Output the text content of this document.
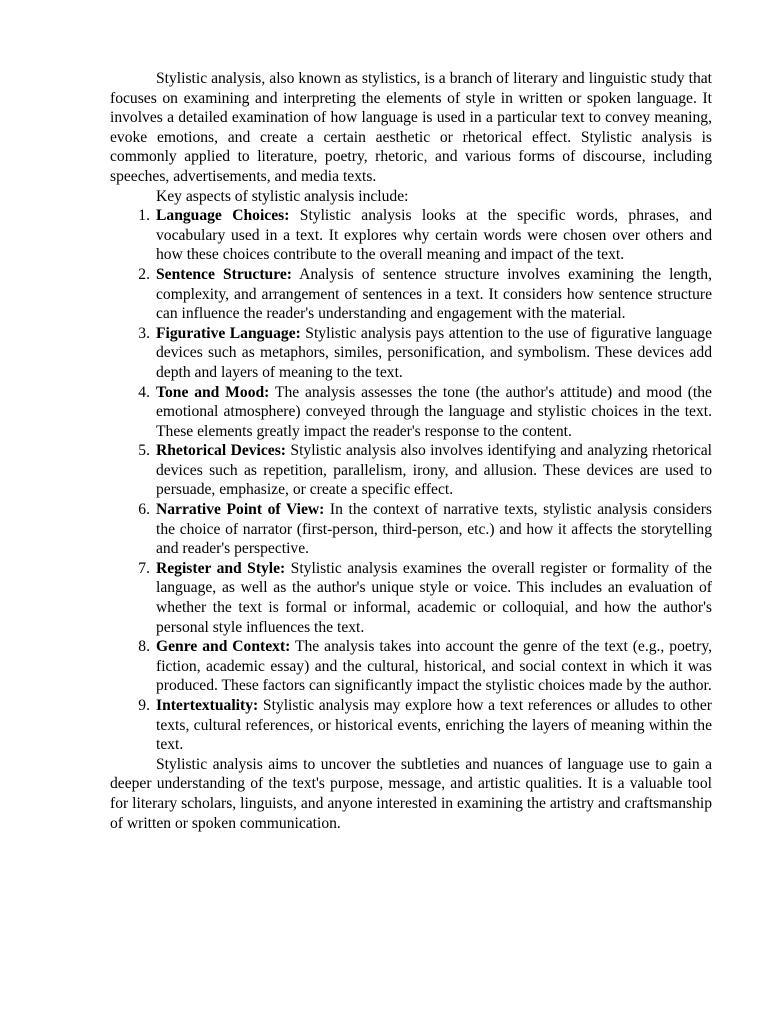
Stylistic analysis, also known as stylistics, is a branch of literary and linguistic study that focuses on examining and interpreting the elements of style in written or spoken language. It involves a detailed examination of how language is used in a particular text to convey meaning, evoke emotions, and create a certain aesthetic or rhetorical effect. Stylistic analysis is commonly applied to literature, poetry, rhetoric, and various forms of discourse, including speeches, advertisements, and media texts.

Key aspects of stylistic analysis include:

1. Language Choices: Stylistic analysis looks at the specific words, phrases, and vocabulary used in a text. It explores why certain words were chosen over others and how these choices contribute to the overall meaning and impact of the text.
2. Sentence Structure: Analysis of sentence structure involves examining the length, complexity, and arrangement of sentences in a text. It considers how sentence structure can influence the reader's understanding and engagement with the material.
3. Figurative Language: Stylistic analysis pays attention to the use of figurative language devices such as metaphors, similes, personification, and symbolism. These devices add depth and layers of meaning to the text.
4. Tone and Mood: The analysis assesses the tone (the author's attitude) and mood (the emotional atmosphere) conveyed through the language and stylistic choices in the text. These elements greatly impact the reader's response to the content.
5. Rhetorical Devices: Stylistic analysis also involves identifying and analyzing rhetorical devices such as repetition, parallelism, irony, and allusion. These devices are used to persuade, emphasize, or create a specific effect.
6. Narrative Point of View: In the context of narrative texts, stylistic analysis considers the choice of narrator (first-person, third-person, etc.) and how it affects the storytelling and reader's perspective.
7. Register and Style: Stylistic analysis examines the overall register or formality of the language, as well as the author's unique style or voice. This includes an evaluation of whether the text is formal or informal, academic or colloquial, and how the author's personal style influences the text.
8. Genre and Context: The analysis takes into account the genre of the text (e.g., poetry, fiction, academic essay) and the cultural, historical, and social context in which it was produced. These factors can significantly impact the stylistic choices made by the author.
9. Intertextuality: Stylistic analysis may explore how a text references or alludes to other texts, cultural references, or historical events, enriching the layers of meaning within the text.

Stylistic analysis aims to uncover the subtleties and nuances of language use to gain a deeper understanding of the text's purpose, message, and artistic qualities. It is a valuable tool for literary scholars, linguists, and anyone interested in examining the artistry and craftsmanship of written or spoken communication.
